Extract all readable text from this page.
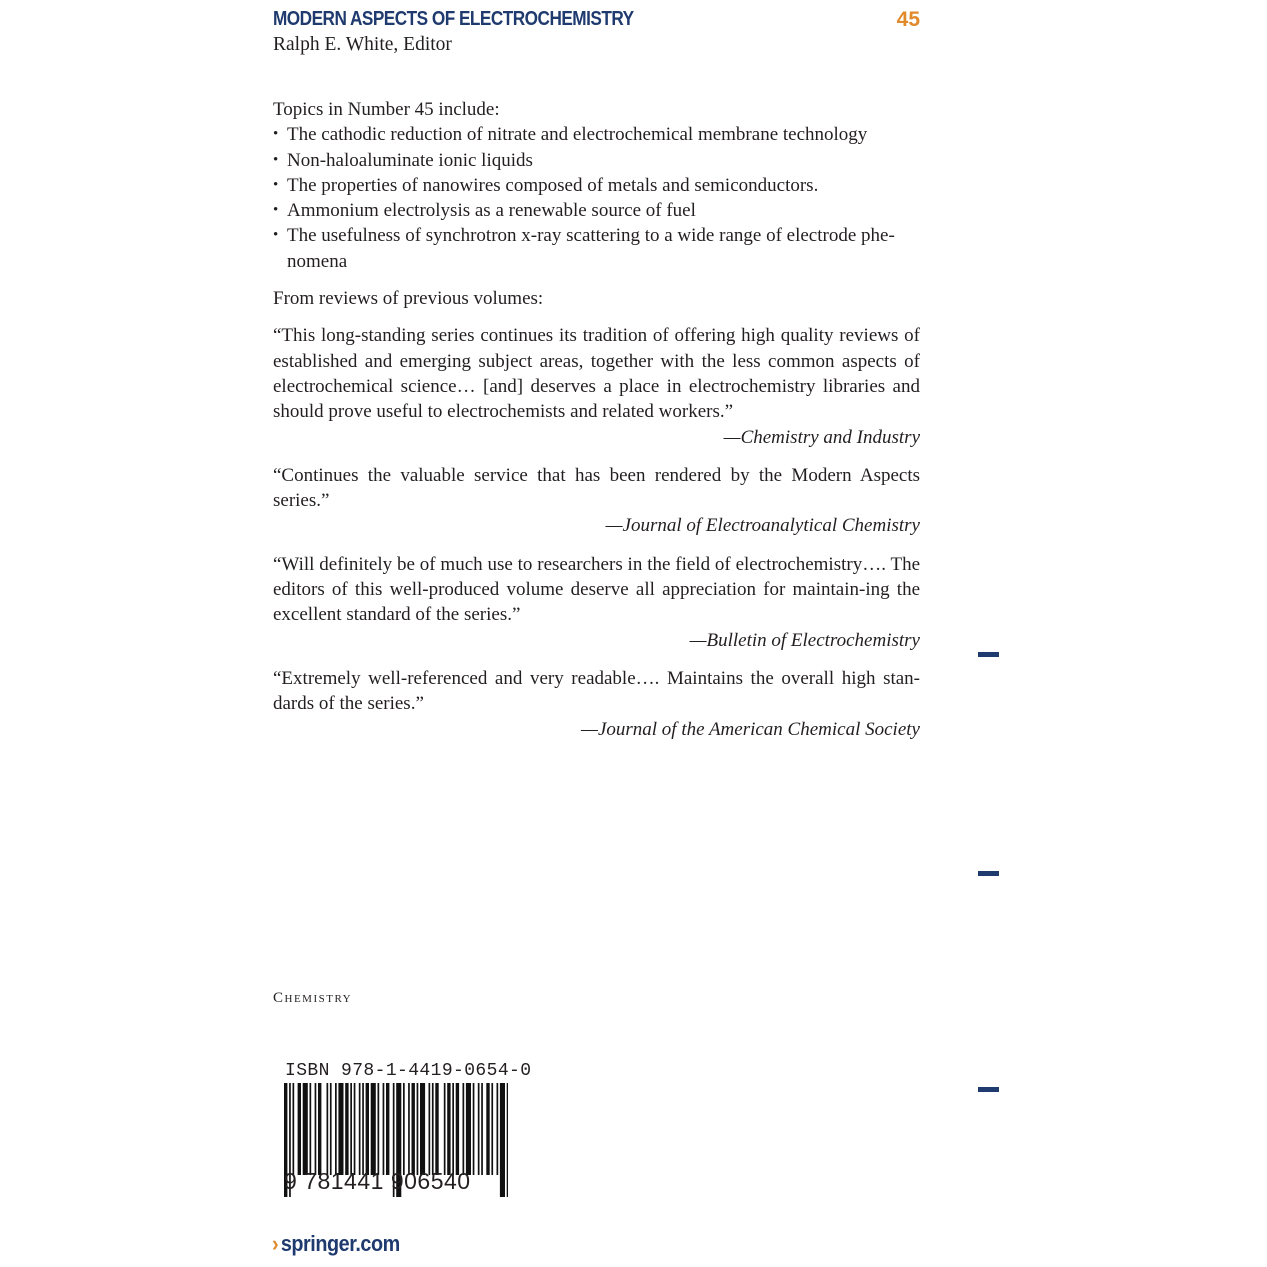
MODERN ASPECTS OF ELECTROCHEMISTRY	45
Ralph E. White, Editor

Topics in Number 45 include:

• The cathodic reduction of nitrate and electrochemical membrane technology
• Non-haloaluminate ionic liquids
• The properties of nanowires composed of metals and semiconductors.
• Ammonium electrolysis as a renewable source of fuel
• The usefulness of synchrotron x-ray scattering to a wide range of electrode phe-nomena

From reviews of previous volumes:

“This long-standing series continues its tradition of offering high quality reviews of established and emerging subject areas, together with the less common aspects of electrochemical science… [and] deserves a place in electrochemistry libraries and should prove useful to electrochemists and related workers.”

—Chemistry and Industry

“Continues the valuable service that has been rendered by the Modern Aspects series.”

—Journal of Electroanalytical Chemistry

“Will definitely be of much use to researchers in the field of electrochemistry…. The editors of this well-produced volume deserve all appreciation for maintain-ing the excellent standard of the series.”

—Bulletin of Electrochemistry

“Extremely well-referenced and very readable…. Maintains the overall high stan-dards of the series.”

—Journal of the American Chemical Society

Chemistry
ISBN 978-1-4419-0654-0
9 781441 906540
› springer.com
